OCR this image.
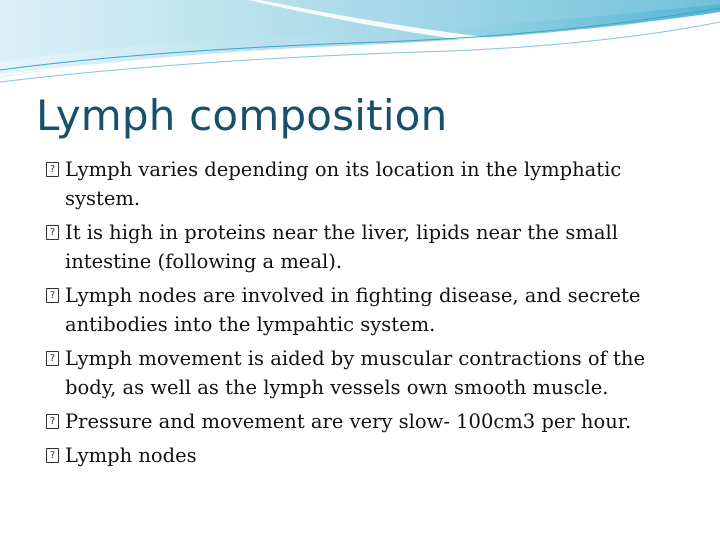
Lymph composition
? Lymph varies depending on its location in the lymphatic system.
? It is high in proteins near the liver, lipids near the small intestine (following a meal).
? Lymph nodes are involved in fighting disease, and secrete antibodies into the lympahtic system.
? Lymph movement is aided by muscular contractions of the body, as well as the lymph vessels own smooth muscle.
? Pressure and movement are very slow- 100cm3 per hour.
? Lymph nodes
